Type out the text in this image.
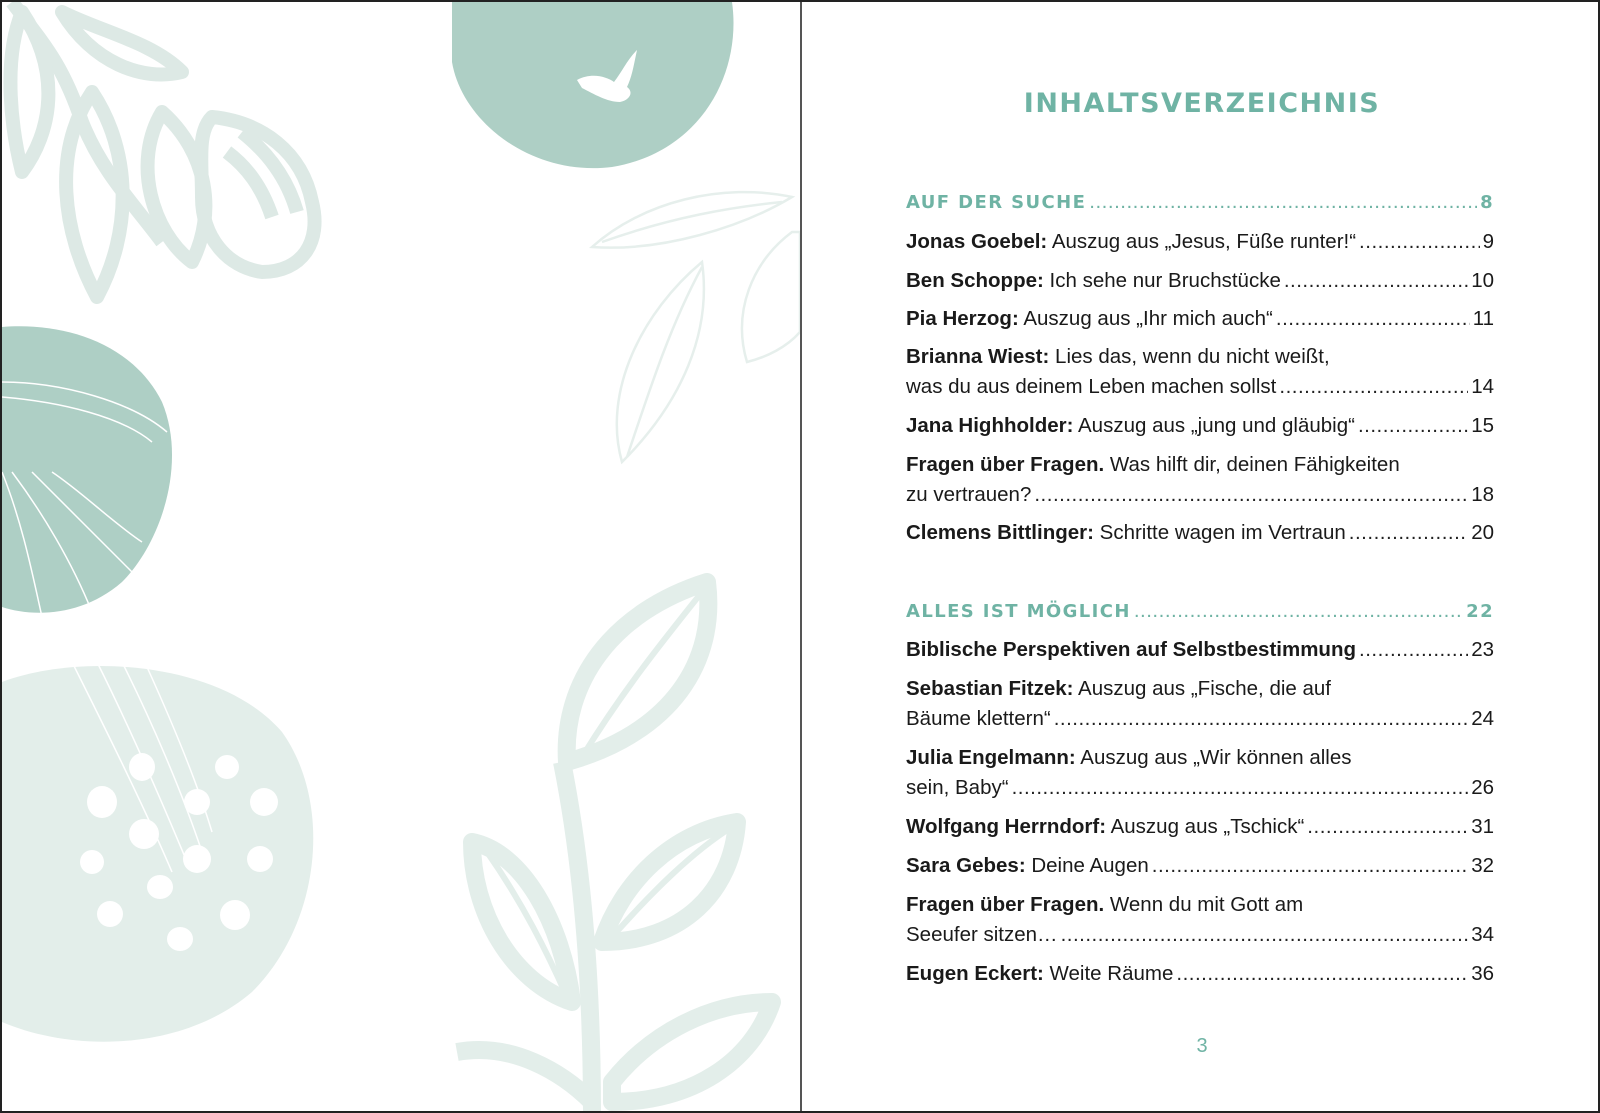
INHALTSVERZEICHNIS
AUF DER SUCHE .....	8
Jonas Goebel: Auszug aus „Jesus, Füße runter!“ .....	9
Ben Schoppe: Ich sehe nur Bruchstücke .....	10
Pia Herzog: Auszug aus „Ihr mich auch“ .....	11
Brianna Wiest: Lies das, wenn du nicht weißt,
was du aus deinem Leben machen sollst .....	14
Jana Highholder: Auszug aus „jung und gläubig“ .....	15
Fragen über Fragen. Was hilft dir, deinen Fähigkeiten
zu vertrauen? .....	18
Clemens Bittlinger: Schritte wagen im Vertraun .....	20
ALLES IST MÖGLICH .....	22
Biblische Perspektiven auf Selbstbestimmung .....	23
Sebastian Fitzek: Auszug aus „Fische, die auf
Bäume klettern“ .....	24
Julia Engelmann: Auszug aus „Wir können alles
sein, Baby“ .....	26
Wolfgang Herrndorf: Auszug aus „Tschick“ .....	31
Sara Gebes: Deine Augen .....	32
Fragen über Fragen. Wenn du mit Gott am
Seeufer sitzen… .....	34
Eugen Eckert: Weite Räume .....	36
3
